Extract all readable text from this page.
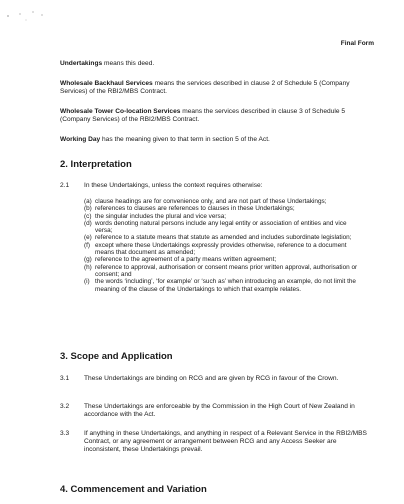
Final Form
Undertakings means this deed.
Wholesale Backhaul Services means the services described in clause 2 of Schedule 5 (Company Services) of the RBI2/MBS Contract.
Wholesale Tower Co-location Services means the services described in clause 3 of Schedule 5 (Company Services) of the RBI2/MBS Contract.
Working Day has the meaning given to that term in section 5 of the Act.
2. Interpretation
2.1 In these Undertakings, unless the context requires otherwise:
(a) clause headings are for convenience only, and are not part of these Undertakings;
(b) references to clauses are references to clauses in these Undertakings;
(c) the singular includes the plural and vice versa;
(d) words denoting natural persons include any legal entity or association of entities and vice versa;
(e) reference to a statute means that statute as amended and includes subordinate legislation;
(f) except where these Undertakings expressly provides otherwise, reference to a document means that document as amended;
(g) reference to the agreement of a party means written agreement;
(h) reference to approval, authorisation or consent means prior written approval, authorisation or consent; and
(i) the words ‘including’, ‘for example’ or ‘such as’ when introducing an example, do not limit the meaning of the clause of the Undertakings to which that example relates.
3. Scope and Application
3.1 These Undertakings are binding on RCG and are given by RCG in favour of the Crown.
3.2 These Undertakings are enforceable by the Commission in the High Court of New Zealand in accordance with the Act.
3.3 If anything in these Undertakings, and anything in respect of a Relevant Service in the RBI2/MBS Contract, or any agreement or arrangement between RCG and any Access Seeker are inconsistent, these Undertakings prevail.
4. Commencement and Variation
